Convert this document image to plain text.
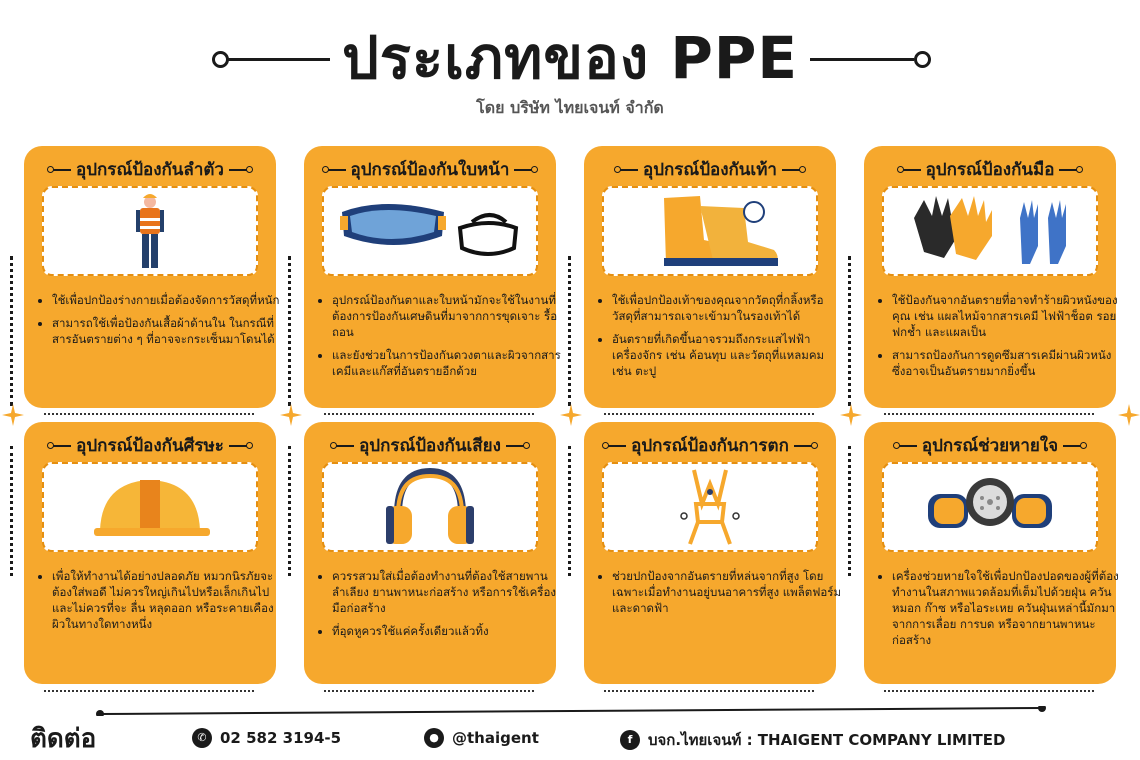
ประเภทของ PPE
โดย บริษัท ไทยเจนท์ จำกัด
อุปกรณ์ป้องกันลำตัว
• ใช้เพื่อปกป้องร่างกายเมื่อต้องจัดการวัสดุที่หนัก
• สามารถใช้เพื่อป้องกันเสื้อผ้าด้านใน ในกรณีที่สารอันตรายต่าง ๆ ที่อาจจะกระเซ็นมาโดนได้
อุปกรณ์ป้องกันใบหน้า
• อุปกรณ์ป้องกันตาและใบหน้ามักจะใช้ในงานที่ต้องการป้องกันเศษดินที่มาจากการขุดเจาะ รื้อถอน
• และยังช่วยในการป้องกันดวงตาและผิวจากสารเคมีและแก๊สที่อันตรายอีกด้วย
อุปกรณ์ป้องกันเท้า
• ใช้เพื่อปกป้องเท้าของคุณจากวัตถุที่กลิ้งหรือวัสดุที่สามารถเจาะเข้ามาในรองเท้าได้
• อันตรายที่เกิดขึ้นอาจรวมถึงกระแสไฟฟ้า เครื่องจักร เช่น ค้อนทุบ และวัตถุที่แหลมคม เช่น ตะปู
อุปกรณ์ป้องกันมือ
• ใช้ป้องกันจากอันตรายที่อาจทำร้ายผิวหนังของคุณ เช่น แผลไหม้จากสารเคมี ไฟฟ้าช็อต รอยฟกช้ำ และแผลเป็น
• สามารถป้องกันการดูดซึมสารเคมีผ่านผิวหนัง ซึ่งอาจเป็นอันตรายมากยิ่งขึ้น
อุปกรณ์ป้องกันศีรษะ
• เพื่อให้ทำงานได้อย่างปลอดภัย หมวกนิรภัยจะต้องใส่พอดี ไม่ควรใหญ่เกินไปหรือเล็กเกินไป และไม่ควรที่จะ ลื่น หลุดออก หรือระคายเคืองผิวในทางใดทางหนึ่ง
อุปกรณ์ป้องกันเสียง
• ควรรสวมใส่เมื่อต้องทำงานที่ต้องใช้สายพานลำเลียง ยานพาหนะก่อสร้าง หรือการใช้เครื่องมือก่อสร้าง
• ที่อุดหูควรใช้แค่ครั้งเดียวแล้วทิ้ง
อุปกรณ์ป้องกันการตก
• ช่วยปกป้องจากอันตรายที่หล่นจากที่สูง โดยเฉพาะเมื่อทำงานอยู่บนอาคารที่สูง แพล็ตฟอร์ม และดาดฟ้า
อุปกรณ์ช่วยหายใจ
• เครื่องช่วยหายใจใช้เพื่อปกป้องปอดของผู้ที่ต้องทำงานในสภาพแวดล้อมที่เต็มไปด้วยฝุ่น ควัน หมอก ก๊าซ หรือไอระเหย ควันฝุ่นเหล่านี้มักมาจากการเลื่อย การบด หรือจากยานพาหนะก่อสร้าง
ติดต่อ	✆ 02 582 3194-5	● @thaigent	f บจก.ไทยเจนท์ : THAIGENT COMPANY LIMITED
